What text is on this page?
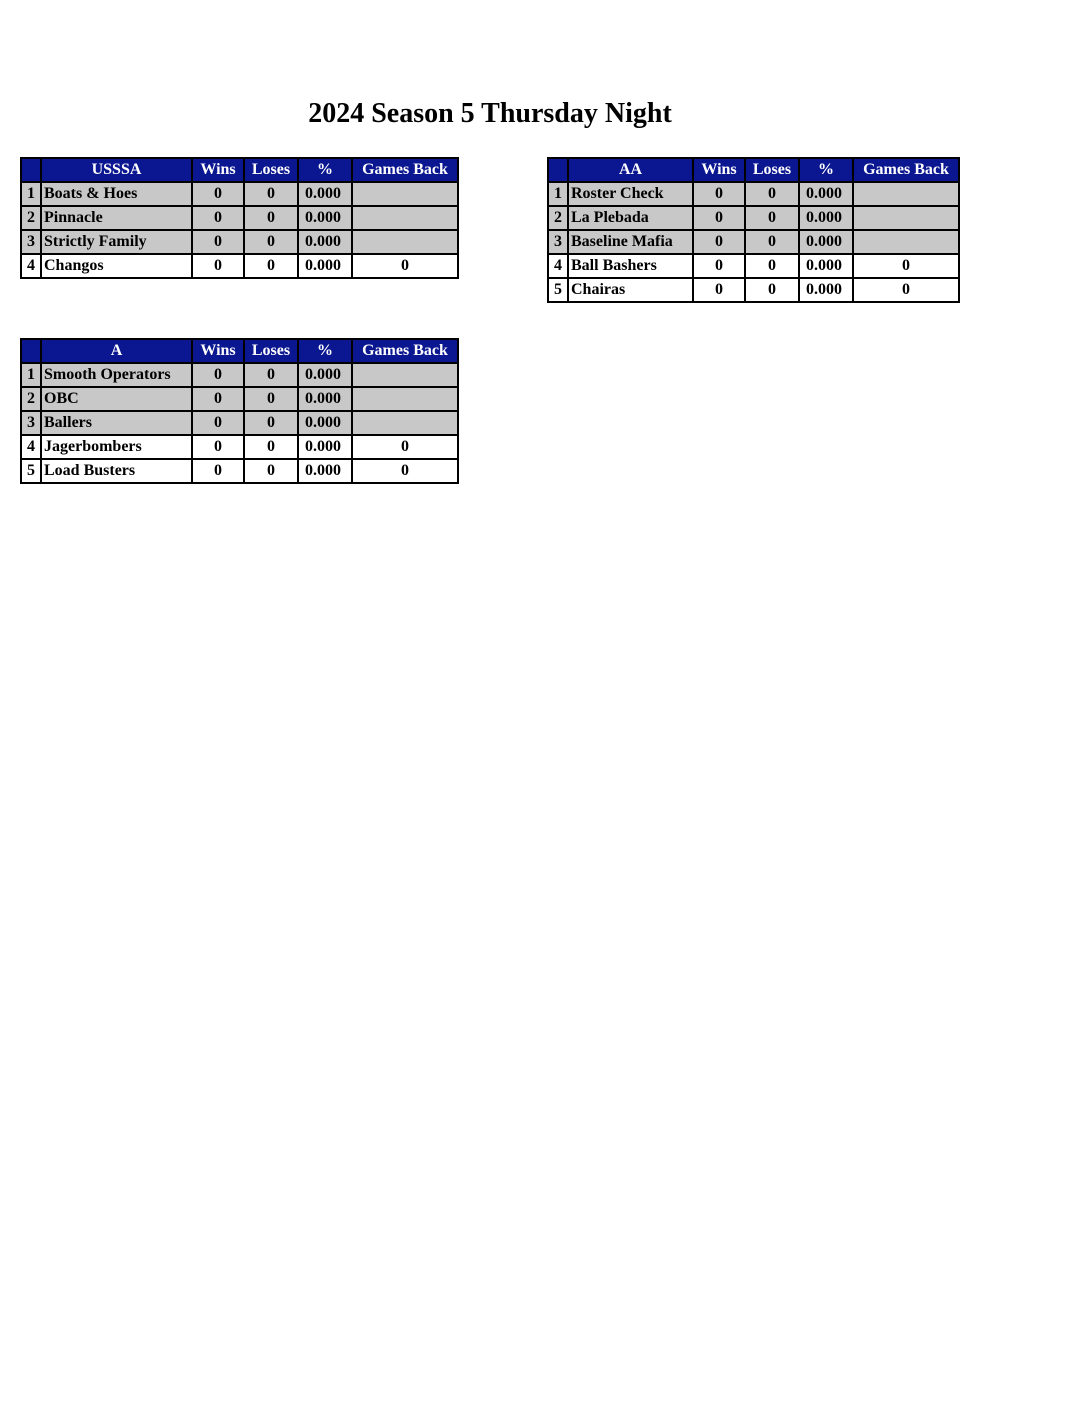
2024 Season 5 Thursday Night
	USSSA	Wins	Loses	%	Games Back
1	Boats & Hoes	0	0	0.000	
2	Pinnacle	0	0	0.000	
3	Strictly Family	0	0	0.000	
4	Changos	0	0	0.000	0
	AA	Wins	Loses	%	Games Back
1	Roster Check	0	0	0.000	
2	La Plebada	0	0	0.000	
3	Baseline Mafia	0	0	0.000	
4	Ball Bashers	0	0	0.000	0
5	Chairas	0	0	0.000	0
	A	Wins	Loses	%	Games Back
1	Smooth Operators	0	0	0.000	
2	OBC	0	0	0.000	
3	Ballers	0	0	0.000	
4	Jagerbombers	0	0	0.000	0
5	Load Busters	0	0	0.000	0
